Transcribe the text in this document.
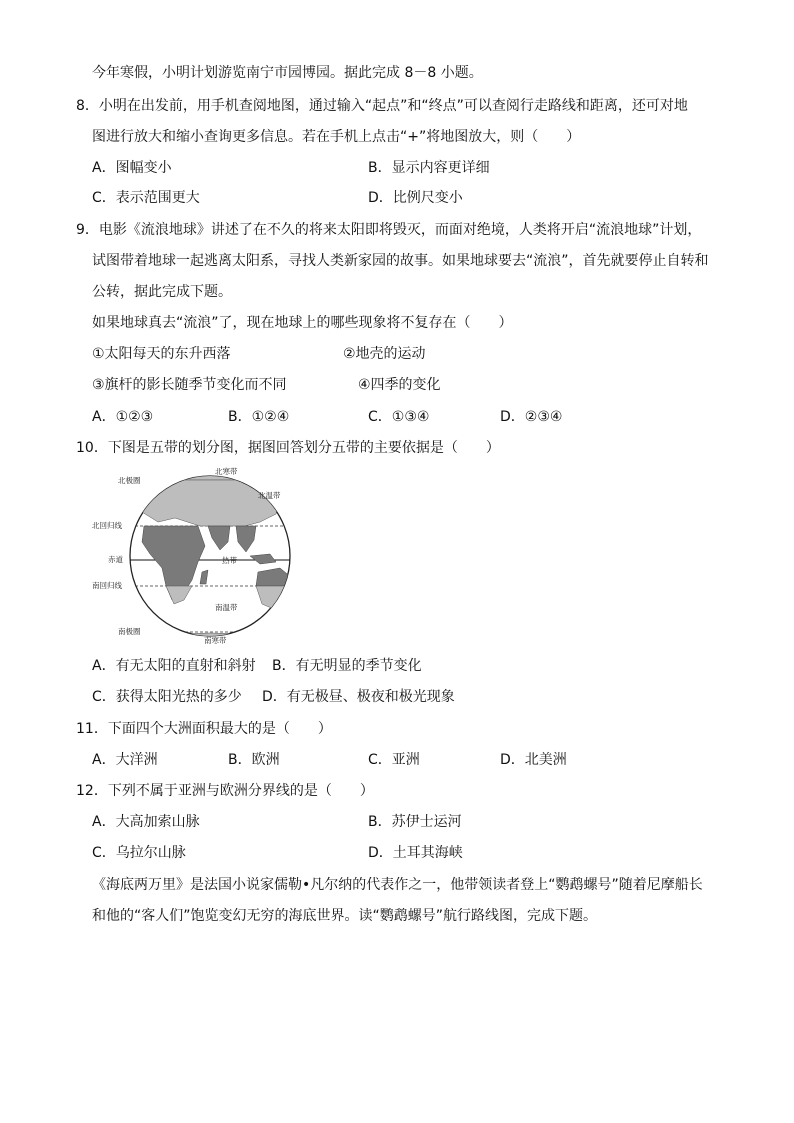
今年寒假，小明计划游览南宁市园博园。据此完成 8－8 小题。
8．小明在出发前，用手机查阅地图，通过输入“起点”和“终点”可以查阅行走路线和距离，还可对地
图进行放大和缩小查询更多信息。若在手机上点击“+”将地图放大，则（　　）
A．图幅变小	B．显示内容更详细
C．表示范围更大	D．比例尺变小
9．电影《流浪地球》讲述了在不久的将来太阳即将毁灭，而面对绝境，人类将开启“流浪地球”计划，
试图带着地球一起逃离太阳系，寻找人类新家园的故事。如果地球要去“流浪”，首先就要停止自转和
公转，据此完成下题。
如果地球真去“流浪”了，现在地球上的哪些现象将不复存在（　　）
①太阳每天的东升西落	②地壳的运动
③旗杆的影长随季节变化而不同	④四季的变化
A．①②③	B．①②④	C．①③④	D．②③④
10．下图是五带的划分图，据图回答划分五带的主要依据是（　　）
北极圈
北回归线
赤道
南回归线
南极圈
北寒带
北温带
热带
南温带
南寒带
A．有无太阳的直射和斜射 B．有无明显的季节变化
C．获得太阳光热的多少 D．有无极昼、极夜和极光现象
11．下面四个大洲面积最大的是（　　）
A．大洋洲	B．欧洲	C．亚洲	D．北美洲
12．下列不属于亚洲与欧洲分界线的是（　　）
A．大高加索山脉	B．苏伊士运河
C．乌拉尔山脉	D．土耳其海峡
《海底两万里》是法国小说家儒勒•凡尔纳的代表作之一，他带领读者登上“鹦鹉螺号”随着尼摩船长
和他的“客人们”饱览变幻无穷的海底世界。读“鹦鹉螺号”航行路线图，完成下题。
